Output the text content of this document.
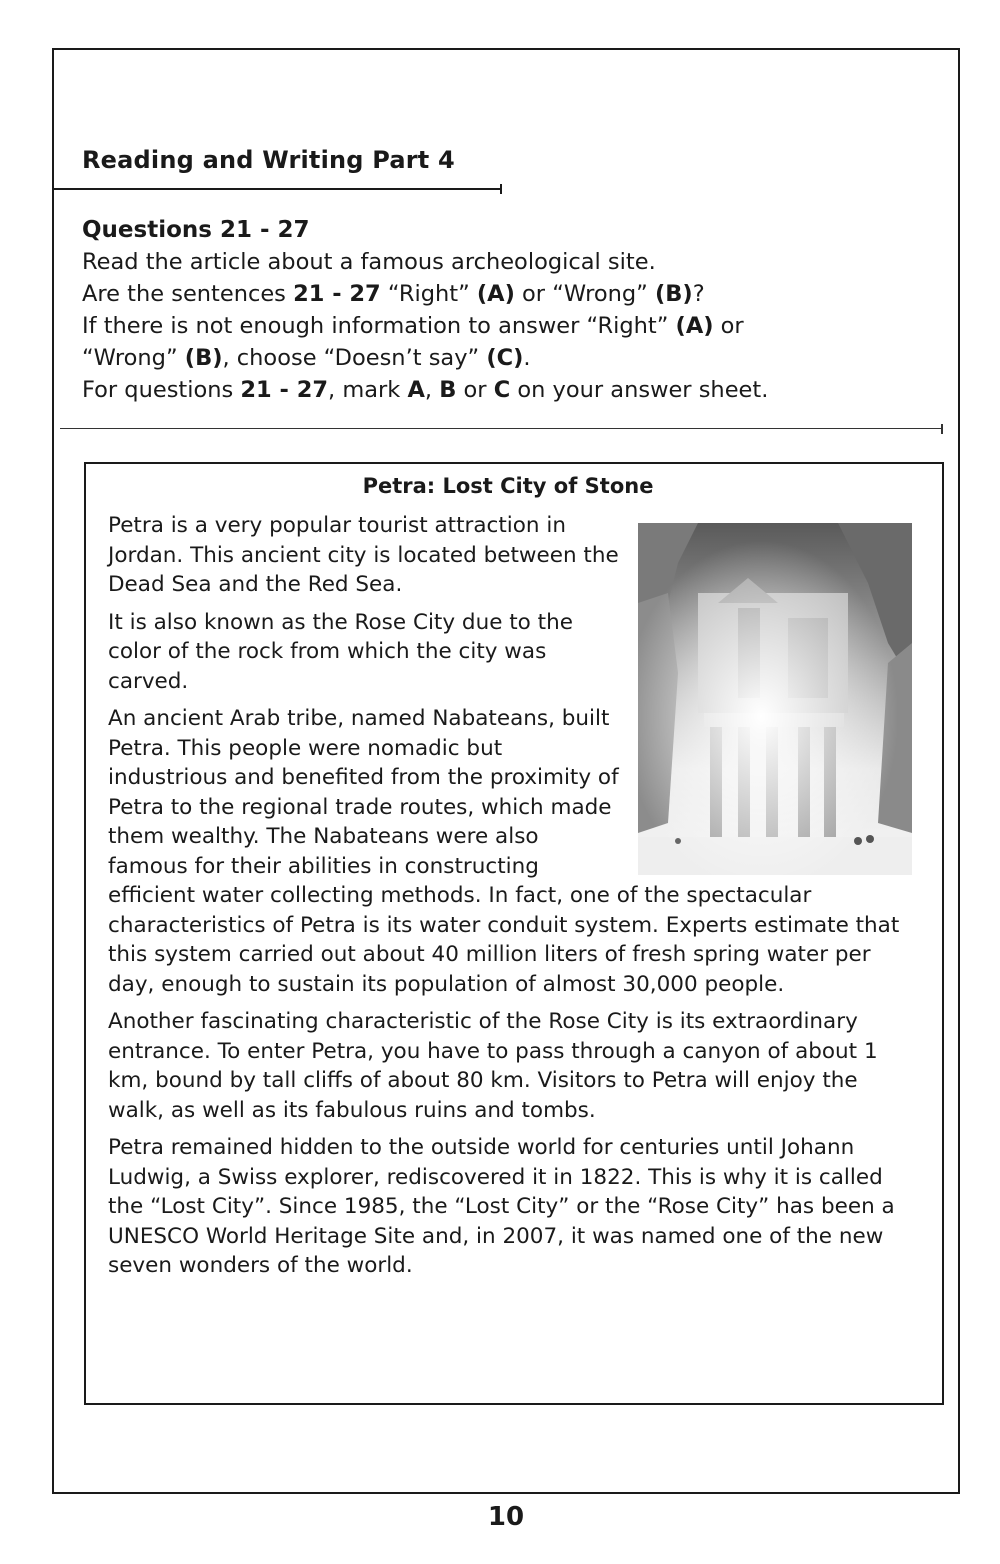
Reading and Writing Part 4

Questions 21 - 27

Read the article about a famous archeological site.

Are the sentences 21 - 27 “Right” (A) or “Wrong” (B)?

If there is not enough information to answer “Right” (A) or

“Wrong” (B), choose “Doesn’t say” (C).

For questions 21 - 27, mark A, B or C on your answer sheet.

Petra: Lost City of Stone

Petra is a very popular tourist attraction in Jordan. This ancient city is located between the Dead Sea and the Red Sea.

It is also known as the Rose City due to the color of the rock from which the city was carved.

An ancient Arab tribe, named Nabateans, built Petra. This people were nomadic but industrious and benefited from the proximity of Petra to the regional trade routes, which made them wealthy. The Nabateans were also famous for their abilities in constructing efficient water collecting methods. In fact, one of the spectacular characteristics of Petra is its water conduit system. Experts estimate that this system carried out about 40 million liters of fresh spring water per day, enough to sustain its population of almost 30,000 people.

Another fascinating characteristic of the Rose City is its extraordinary entrance. To enter Petra, you have to pass through a canyon of about 1 km, bound by tall cliffs of about 80 km. Visitors to Petra will enjoy the walk, as well as its fabulous ruins and tombs.

Petra remained hidden to the outside world for centuries until Johann Ludwig, a Swiss explorer, rediscovered it in 1822. This is why it is called the “Lost City”. Since 1985, the “Lost City” or the “Rose City” has been a UNESCO World Heritage Site and, in 2007, it was named one of the new seven wonders of the world.

10
